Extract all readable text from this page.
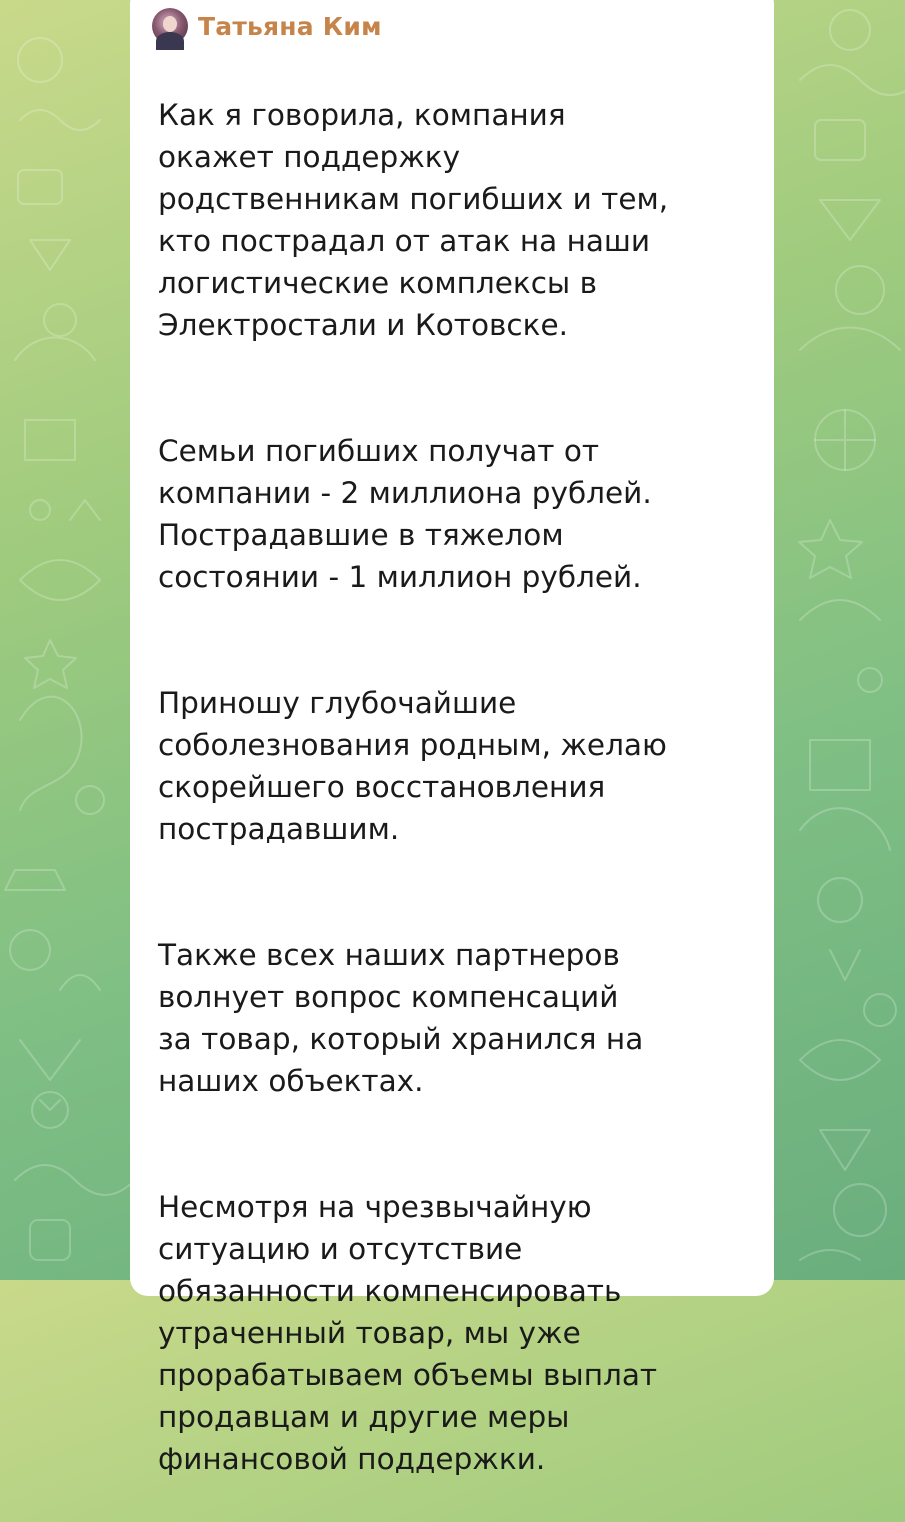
Татьяна Ким

Как я говорила, компания
окажет поддержку
родственникам погибших и тем,
кто пострадал от атак на наши
логистические комплексы в
Электростали и Котовске.

Семьи погибших получат от
компании - 2 миллиона рублей.
Пострадавшие в тяжелом
состоянии - 1 миллион рублей.

Приношу глубочайшие
соболезнования родным, желаю
скорейшего восстановления
пострадавшим.

Также всех наших партнеров
волнует вопрос компенсаций
за товар, который хранился на
наших объектах.

Несмотря на чрезвычайную
ситуацию и отсутствие
обязанности компенсировать
утраченный товар, мы уже
прорабатываем объемы выплат
продавцам и другие меры
финансовой поддержки.
